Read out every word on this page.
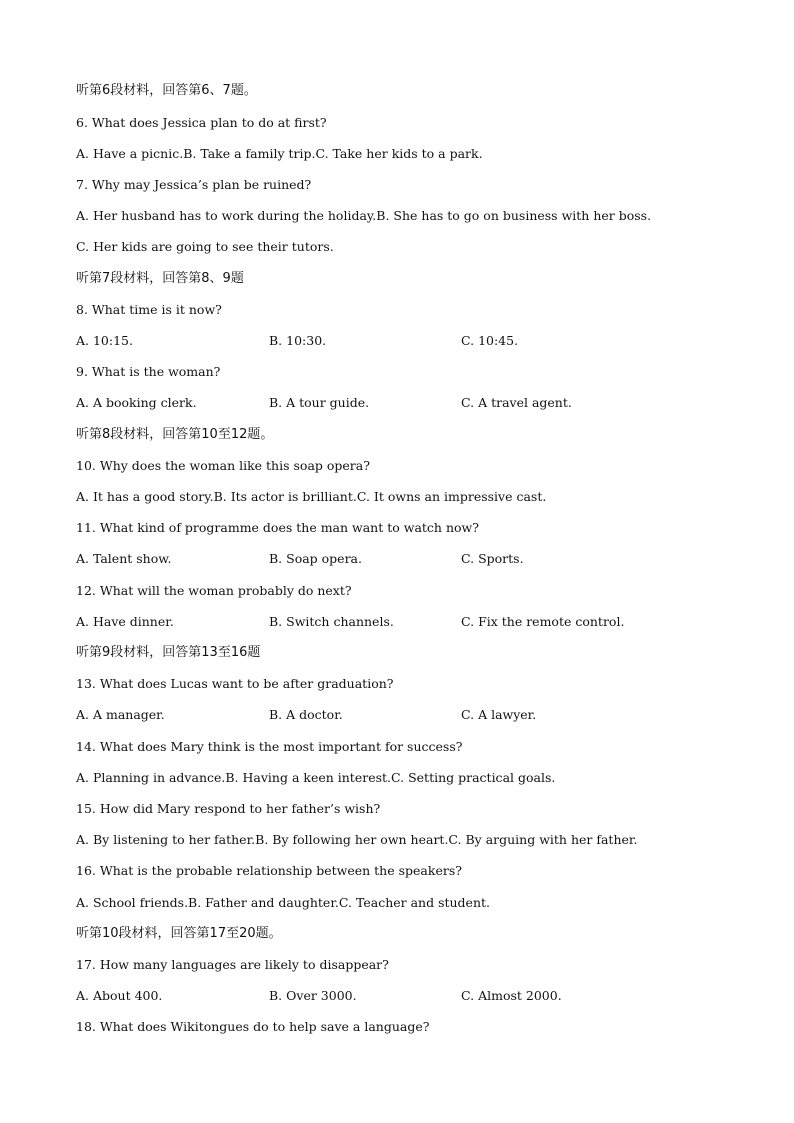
听第6段材料，回答第6、7题。
6. What does Jessica plan to do at first?
A. Have a picnic.B. Take a family trip.C. Take her kids to a park.
7. Why may Jessica’s plan be ruined?
A. Her husband has to work during the holiday.B. She has to go on business with her boss.
C. Her kids are going to see their tutors.
听第7段材料，回答第8、9题
8. What time is it now?
A. 10:15.	B. 10:30.	C. 10:45.
9. What is the woman?
A. A booking clerk.	B. A tour guide.	C. A travel agent.
听第8段材料，回答第10至12题。
10. Why does the woman like this soap opera?
A. It has a good story.B. Its actor is brilliant.C. It owns an impressive cast.
11. What kind of programme does the man want to watch now?
A. Talent show.	B. Soap opera.	C. Sports.
12. What will the woman probably do next?
A. Have dinner.	B. Switch channels.	C. Fix the remote control.
听第9段材料，回答第13至16题
13. What does Lucas want to be after graduation?
A. A manager.	B. A doctor.	C. A lawyer.
14. What does Mary think is the most important for success?
A. Planning in advance.B. Having a keen interest.C. Setting practical goals.
15. How did Mary respond to her father’s wish?
A. By listening to her father.B. By following her own heart.C. By arguing with her father.
16. What is the probable relationship between the speakers?
A. School friends.B. Father and daughter.C. Teacher and student.
听第10段材料，回答第17至20题。
17. How many languages are likely to disappear?
A. About 400.	B. Over 3000.	C. Almost 2000.
18. What does Wikitongues do to help save a language?
